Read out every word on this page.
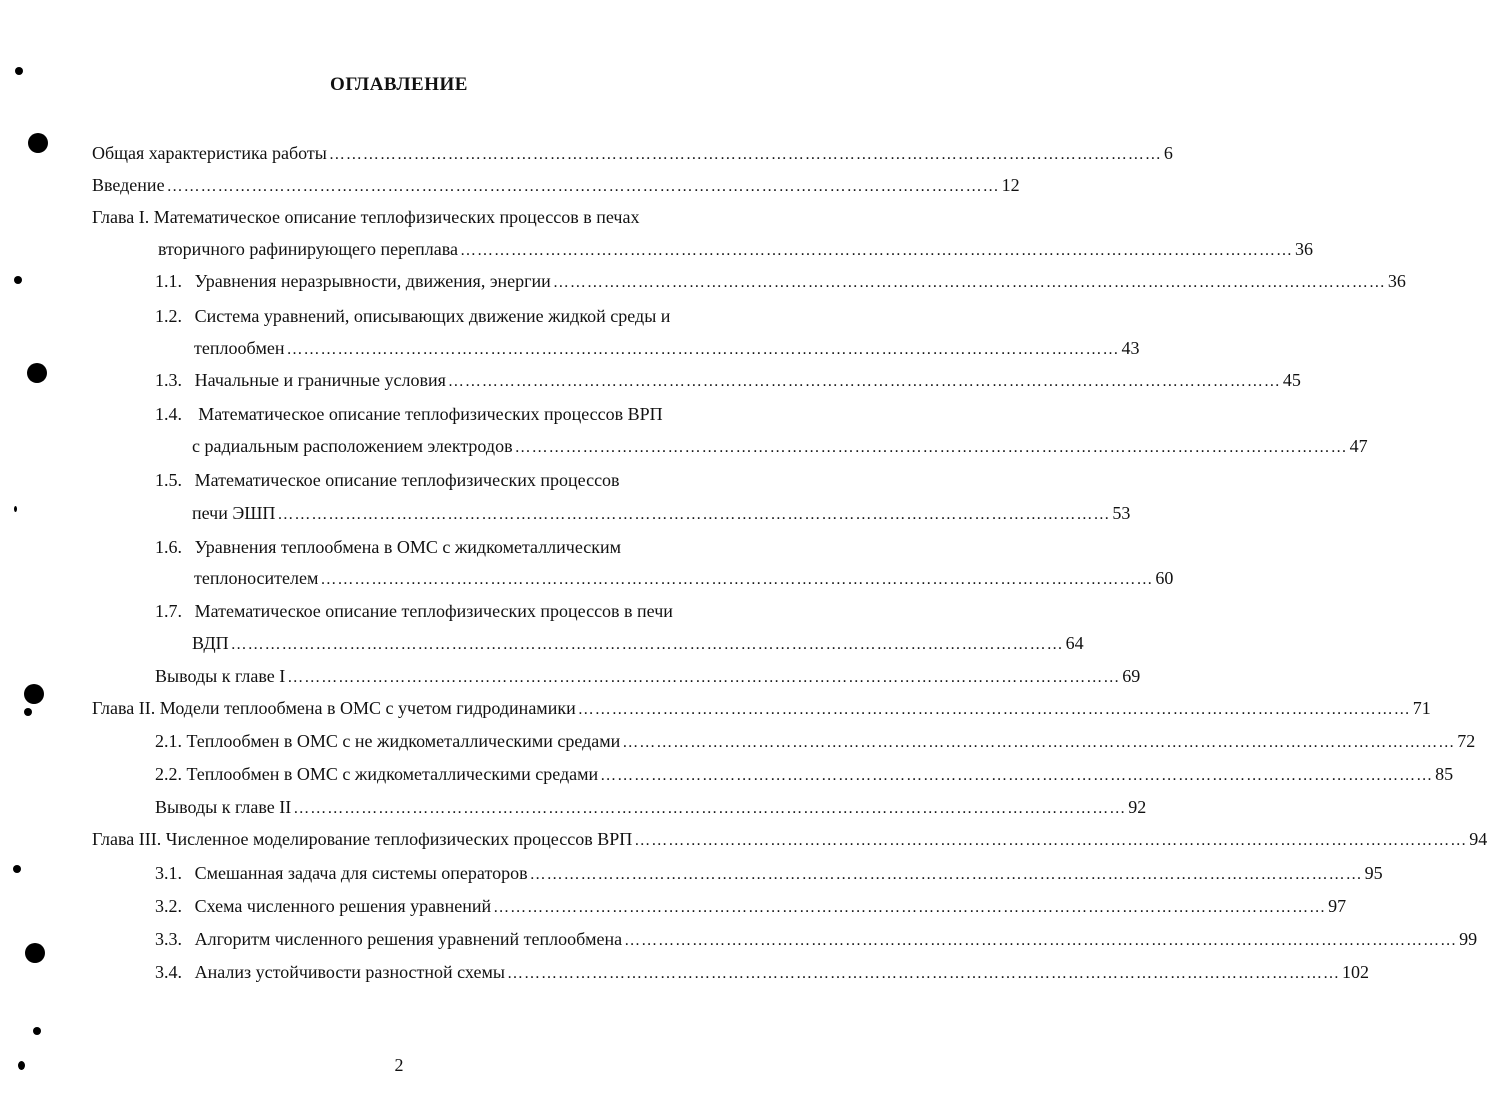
ОГЛАВЛЕНИЕ
Общая характеристика работы ………………………………………………………………………………………………………………………………… 6
Введение ………………………………………………………………………………………………………………………………… 12
Глава I. Математическое описание теплофизических процессов в печах
вторичного рафинирующего переплава ………………………………………………………………………………………………………………………………… 36
1.1. Уравнения неразрывности, движения, энергии ………………………………………………………………………………………………………………………………… 36
1.2. Система уравнений, описывающих движение жидкой среды и
теплообмен ………………………………………………………………………………………………………………………………… 43
1.3. Начальные и граничные условия ………………………………………………………………………………………………………………………………… 45
1.4. Математическое описание теплофизических процессов ВРП
с радиальным расположением электродов ………………………………………………………………………………………………………………………………… 47
1.5. Математическое описание теплофизических процессов
печи ЭШП ………………………………………………………………………………………………………………………………… 53
1.6. Уравнения теплообмена в ОМС с жидкометаллическим
теплоносителем ………………………………………………………………………………………………………………………………… 60
1.7. Математическое описание теплофизических процессов в печи
ВДП ………………………………………………………………………………………………………………………………… 64
Выводы к главе I ………………………………………………………………………………………………………………………………… 69
Глава II. Модели теплообмена в ОМС с учетом гидродинамики ………………………………………………………………………………………………………………………………… 71
2.1. Теплообмен в ОМС с не жидкометаллическими средами ………………………………………………………………………………………………………………………………… 72
2.2. Теплообмен в ОМС с жидкометаллическими средами ………………………………………………………………………………………………………………………………… 85
Выводы к главе II ………………………………………………………………………………………………………………………………… 92
Глава III. Численное моделирование теплофизических процессов ВРП ………………………………………………………………………………………………………………………………… 94
3.1. Смешанная задача для системы операторов ………………………………………………………………………………………………………………………………… 95
3.2. Схема численного решения уравнений ………………………………………………………………………………………………………………………………… 97
3.3. Алгоритм численного решения уравнений теплообмена ………………………………………………………………………………………………………………………………… 99
3.4. Анализ устойчивости разностной схемы ………………………………………………………………………………………………………………………………… 102
2
